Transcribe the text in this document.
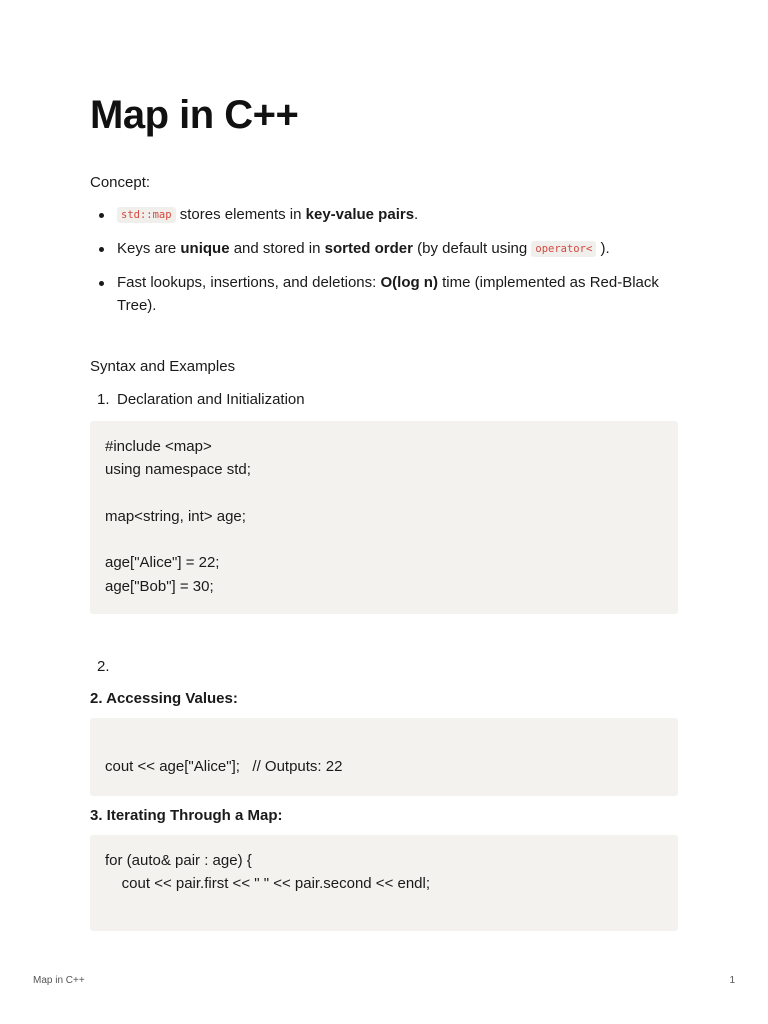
Map in C++

Concept:

std::map stores elements in key-value pairs.
Keys are unique and stored in sorted order (by default using operator< ).
Fast lookups, insertions, and deletions: O(log n) time (implemented as Red-Black Tree).

Syntax and Examples

1. Declaration and Initialization
#include <map>
using namespace std;

map<string, int> age;

age["Alice"] = 22;
age["Bob"] = 30;
2.

2. Accessing Values:

cout << age["Alice"];   // Outputs: 22

3. Iterating Through a Map:

for (auto& pair : age) {
cout << pair.first << " " << pair.second << endl;

Map in C++	1
